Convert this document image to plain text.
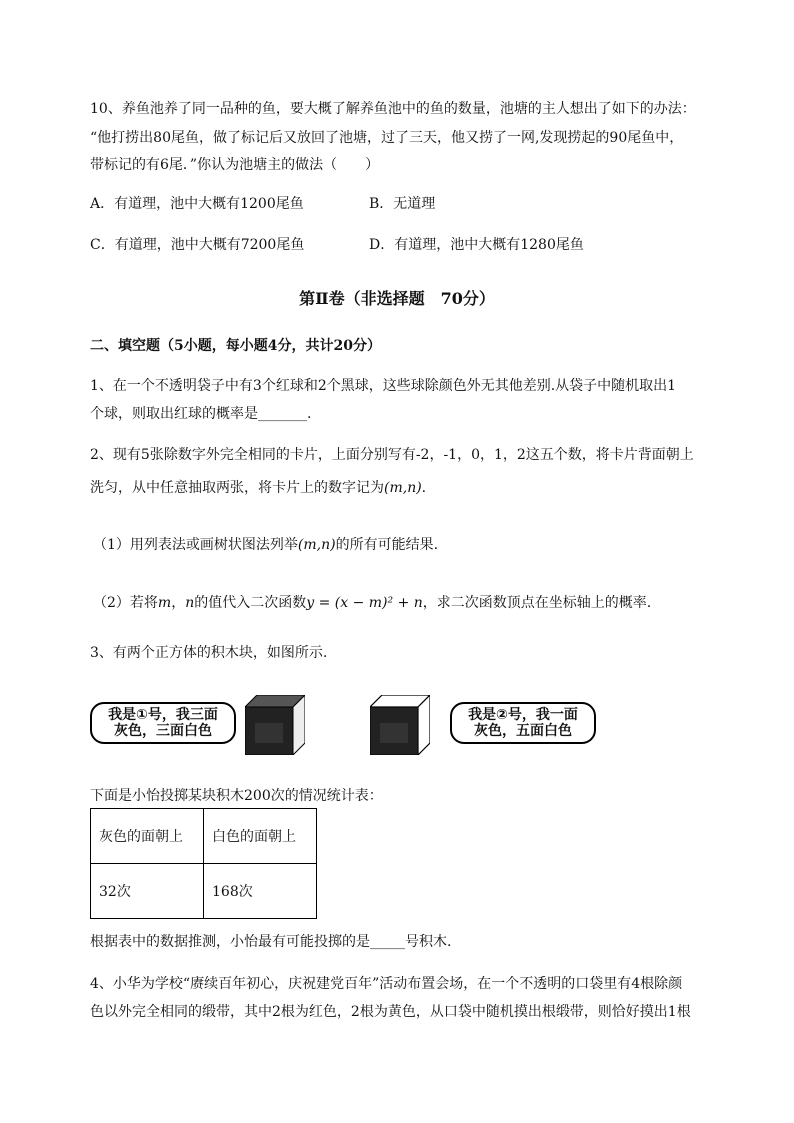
10、养鱼池养了同一品种的鱼，要大概了解养鱼池中的鱼的数量，池塘的主人想出了如下的办法：
“他打捞出80尾鱼，做了标记后又放回了池塘，过了三天，他又捞了一网,发现捞起的90尾鱼中，
带标记的有6尾．”你认为池塘主的做法（　　）
A．有道理，池中大概有1200尾鱼	B．无道理
C．有道理，池中大概有7200尾鱼	D．有道理，池中大概有1280尾鱼
第Ⅱ卷（非选择题　70分）
二、填空题（5小题，每小题4分，共计20分）
1、在一个不透明袋子中有3个红球和2个黑球，这些球除颜色外无其他差别.从袋子中随机取出1
个球，则取出红球的概率是_______.
2、现有5张除数字外完全相同的卡片，上面分别写有-2，-1，0，1，2这五个数，将卡片背面朝上
洗匀，从中任意抽取两张，将卡片上的数字记为(m,n).
（1）用列表法或画树状图法列举(m,n)的所有可能结果.
（2）若将m，n的值代入二次函数y = (x − m)² + n，求二次函数顶点在坐标轴上的概率.
3、有两个正方体的积木块，如图所示.
我是①号，我三面
灰色，三面白色
我是②号，我一面
灰色，五面白色
下面是小怡投掷某块积木200次的情况统计表：
灰色的面朝上	白色的面朝上
32次	168次
根据表中的数据推测，小怡最有可能投掷的是_____号积木.
4、小华为学校“赓续百年初心，庆祝建党百年”活动布置会场，在一个不透明的口袋里有4根除颜
色以外完全相同的缎带，其中2根为红色，2根为黄色，从口袋中随机摸出根缎带，则恰好摸出1根
